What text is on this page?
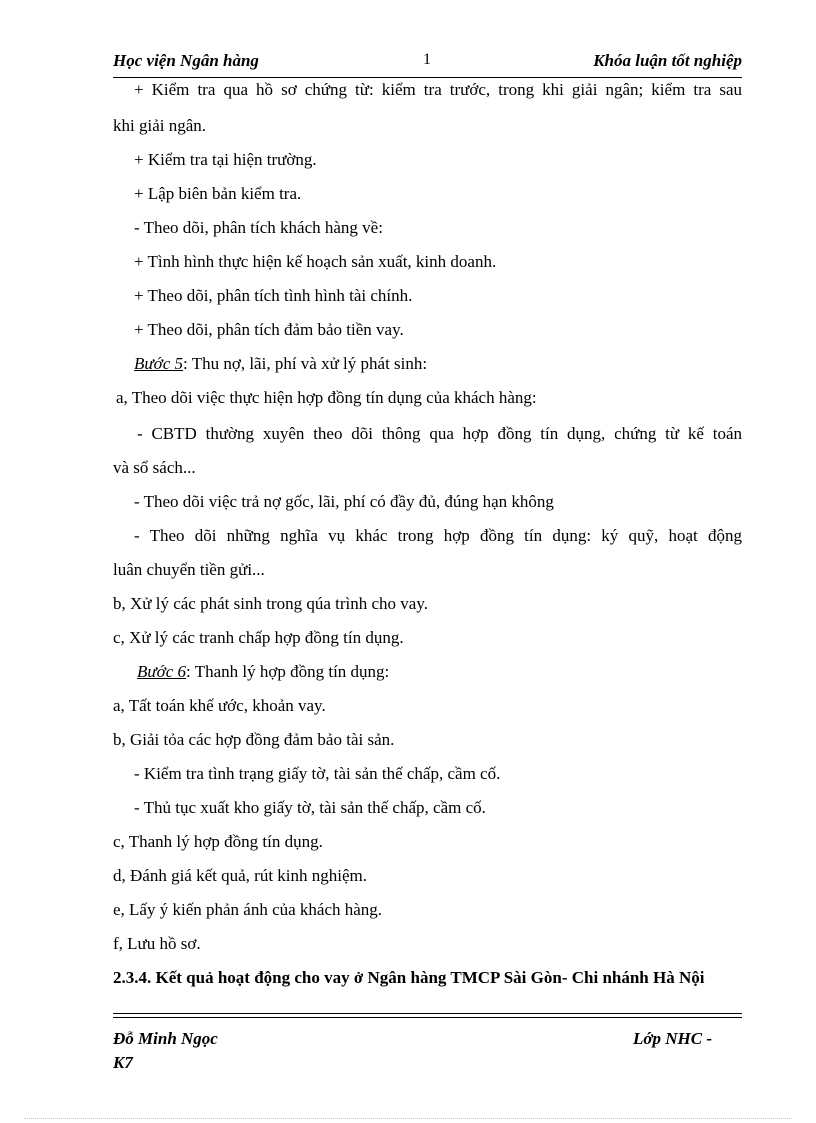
Học viện Ngân hàng	1	Khóa luận tốt nghiệp
+ Kiểm tra qua hồ sơ chứng từ: kiểm tra trước, trong khi giải ngân; kiểm tra sau
khi giải ngân.
+ Kiểm tra tại hiện trường.
+ Lập biên bản kiểm tra.
- Theo dõi, phân tích khách hàng về:
+ Tình hình thực hiện kế hoạch sản xuất, kinh doanh.
+ Theo dõi, phân tích tình hình tài chính.
+ Theo dõi, phân tích đảm bảo tiền vay.
Bước 5: Thu nợ, lãi, phí và xử lý phát sinh:
a, Theo dõi việc thực hiện hợp đồng tín dụng của khách hàng:
- CBTD thường xuyên theo dõi thông qua hợp đồng tín dụng, chứng từ kế toán
và sổ sách...
- Theo dõi việc trả nợ gốc, lãi, phí có đầy đủ, đúng hạn không
- Theo dõi những nghĩa vụ khác trong hợp đồng tín dụng: ký quỹ, hoạt động
luân chuyển tiền gửi...
b, Xử lý các phát sinh trong qúa trình cho vay.
c, Xử lý các tranh chấp hợp đồng tín dụng.
Bước 6: Thanh lý hợp đồng tín dụng:
a, Tất toán khế ước, khoản vay.
b, Giải tỏa các hợp đồng đảm bảo tài sản.
- Kiểm tra tình trạng giấy tờ, tài sản thế chấp, cầm cố.
- Thủ tục xuất kho giấy tờ, tài sản thế chấp, cầm cố.
c, Thanh lý hợp đồng tín dụng.
d, Đánh giá kết quả, rút kinh nghiệm.
e, Lấy ý kiến phản ánh của khách hàng.
f, Lưu hồ sơ.
2.3.4. Kết quả hoạt động cho vay ở Ngân hàng TMCP Sài Gòn- Chi nhánh Hà Nội
Đỗ Minh Ngọc	Lớp NHC -
K7
